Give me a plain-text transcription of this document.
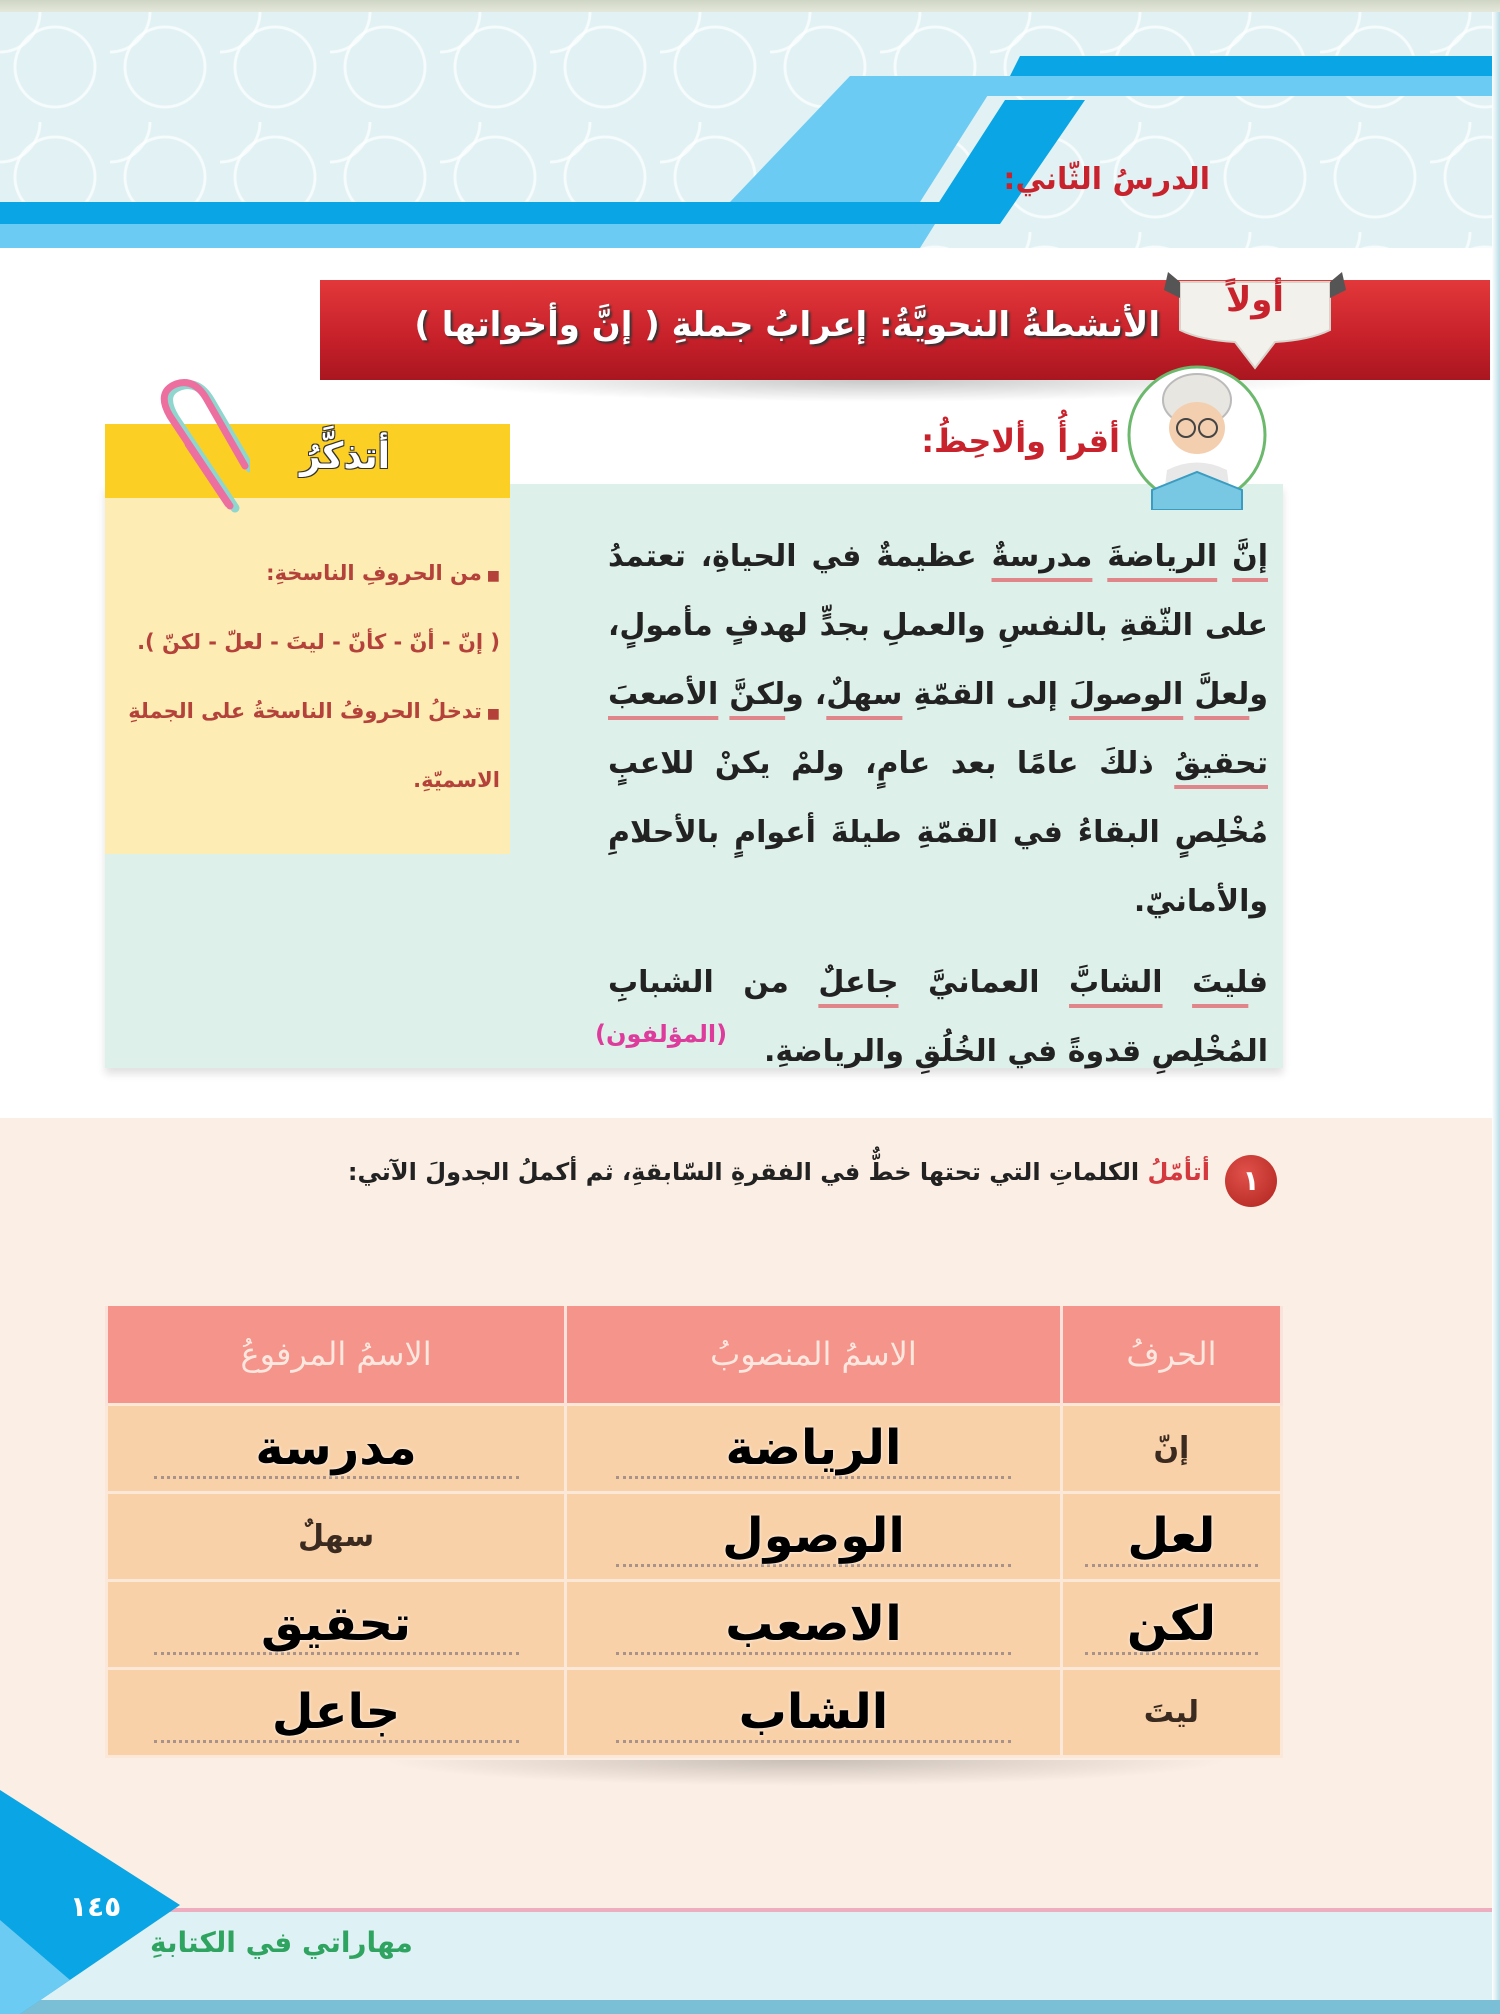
الدرسُ الثّاني:
أولاً
الأنشطةُ النحويَّةُ: إعرابُ جملةِ ( إنَّ وأخواتها )
أتذكَّرُ
■ من الحروفِ الناسخةِ:
( إنّ - أنّ - كأنّ - ليتَ - لعلّ - لكنّ ).
■ تدخلُ الحروفُ الناسخةُ على الجملةِ الاسميّةِ.
أقرأُ وألاحِظُ:

إنَّ الرياضةَ مدرسةٌ عظيمةٌ في الحياةِ، تعتمدُ على الثّقةِ بالنفسِ والعملِ بجدٍّ لهدفٍ مأمولٍ، ولعلَّ الوصولَ إلى القمّةِ سهلٌ، ولكنَّ الأصعبَ تحقيقُ ذلكَ عامًا بعد عامٍ، ولمْ يكنْ للاعبٍ مُخْلِصٍ البقاءُ في القمّةِ طيلةَ أعوامٍ بالأحلامِ والأمانيّ.

فليتَ الشابَّ العمانيَّ جاعلٌ من الشبابِ المُخْلِصِ قدوةً في الخُلُقِ والرياضةِ.

(المؤلفون)
١
أتأمّلُ الكلماتِ التي تحتها خطٌّ في الفقرةِ السّابقةِ، ثم أكملُ الجدولَ الآتي:
الحرفُ	الاسمُ المنصوبُ	الاسمُ المرفوعُ
إنّ	الرياضة	مدرسة

لعل	الوصول	سهلٌ

لكن	الاصعب	تحقيق
ليتَ	الشاب	جاعل
١٤٥
مهاراتي في الكتابةِ
